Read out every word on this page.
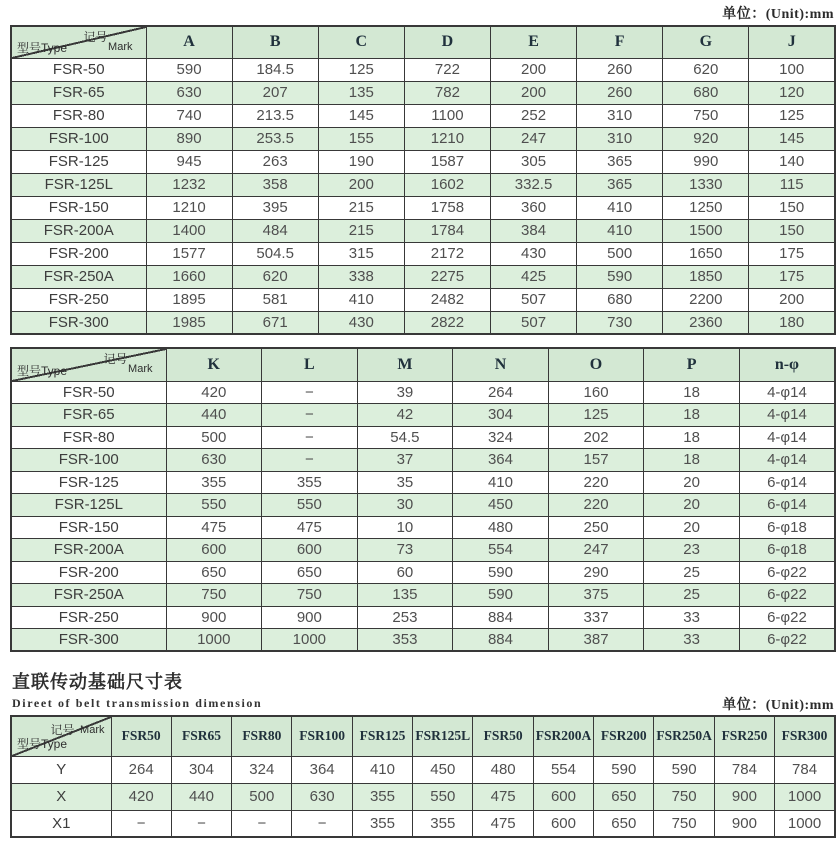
单位：(Unit):mm
记号
Mark
型号Type	A	B	C	D	E	F	G	J
FSR-50	590	184.5	125	722	200	260	620	100
FSR-65	630	207	135	782	200	260	680	120
FSR-80	740	213.5	145	1100	252	310	750	125
FSR-100	890	253.5	155	1210	247	310	920	145
FSR-125	945	263	190	1587	305	365	990	140
FSR-125L	1232	358	200	1602	332.5	365	1330	115
FSR-150	1210	395	215	1758	360	410	1250	150
FSR-200A	1400	484	215	1784	384	410	1500	150
FSR-200	1577	504.5	315	2172	430	500	1650	175
FSR-250A	1660	620	338	2275	425	590	1850	175
FSR-250	1895	581	410	2482	507	680	2200	200
FSR-300	1985	671	430	2822	507	730	2360	180
记号
Mark
型号Type	K	L	M	N	O	P	n-φ
FSR-50	420	−	39	264	160	18	4-φ14
FSR-65	440	−	42	304	125	18	4-φ14
FSR-80	500	−	54.5	324	202	18	4-φ14
FSR-100	630	−	37	364	157	18	4-φ14
FSR-125	355	355	35	410	220	20	6-φ14
FSR-125L	550	550	30	450	220	20	6-φ14
FSR-150	475	475	10	480	250	20	6-φ18
FSR-200A	600	600	73	554	247	23	6-φ18
FSR-200	650	650	60	590	290	25	6-φ22
FSR-250A	750	750	135	590	375	25	6-φ22
FSR-250	900	900	253	884	337	33	6-φ22
FSR-300	1000	1000	353	884	387	33	6-φ22
直联传动基础尺寸表
Direet of belt transmission dimension	单位：(Unit):mm
记号 Mark
型号Type	FSR50	FSR65	FSR80	FSR100	FSR125	FSR125L	FSR50	FSR200A	FSR200	FSR250A	FSR250	FSR300
Y	264	304	324	364	410	450	480	554	590	590	784	784
X	420	440	500	630	355	550	475	600	650	750	900	1000
X1	−	−	−	−	355	355	475	600	650	750	900	1000
